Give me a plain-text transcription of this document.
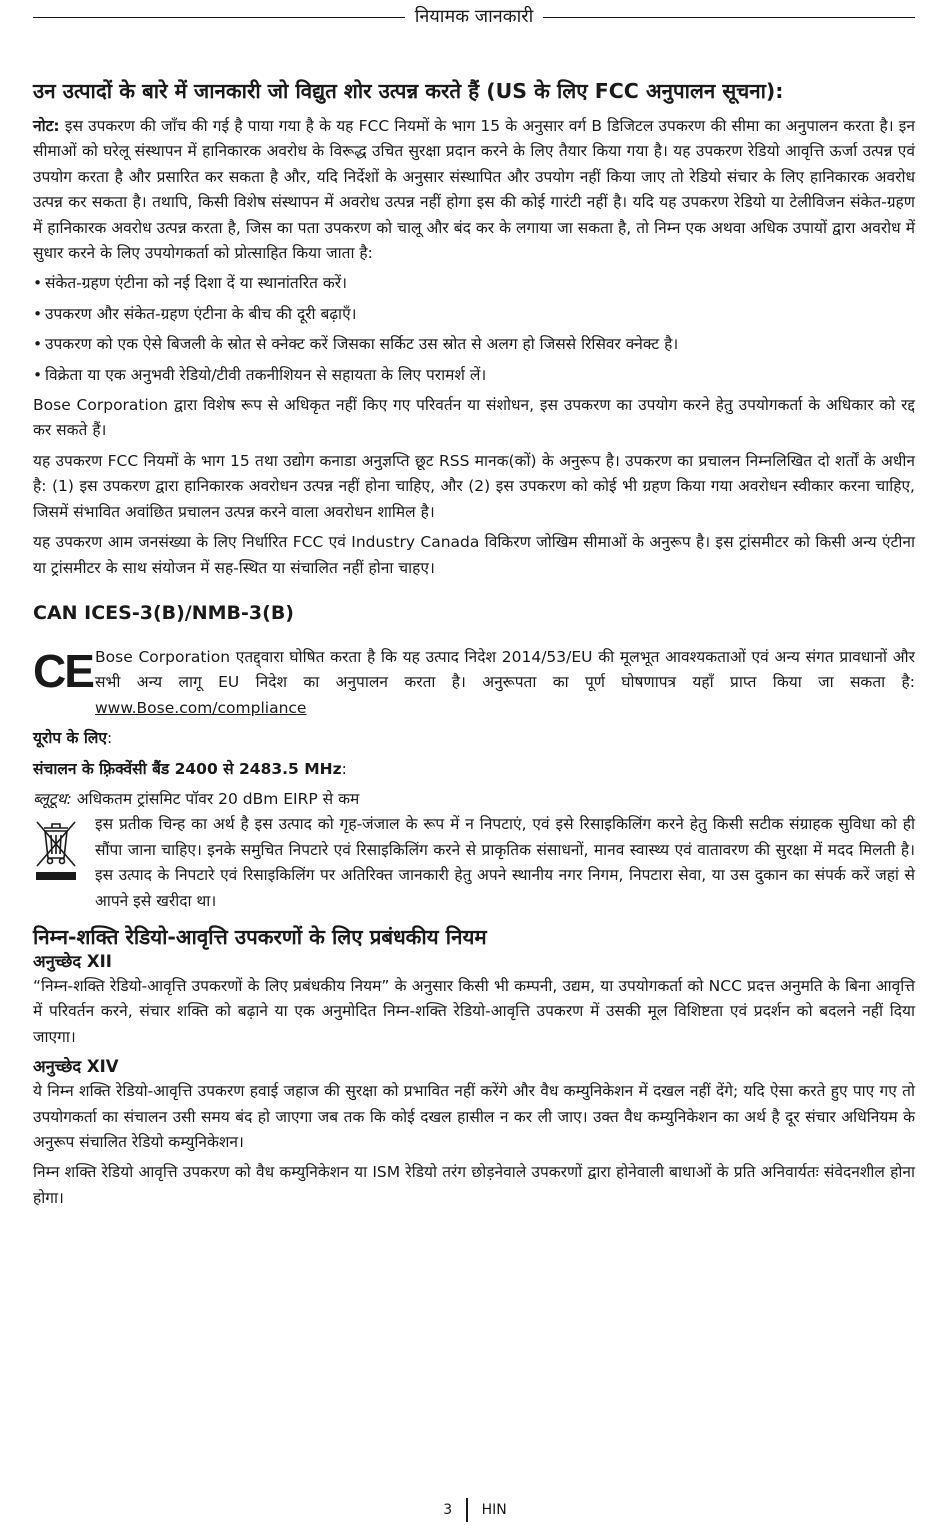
नियामक जानकारी
उन उत्पादों के बारे में जानकारी जो विद्युत शोर उत्पन्न करते हैं (US के लिए FCC अनुपालन सूचना):

नोट: इस उपकरण की जाँच की गई है पाया गया है के यह FCC नियमों के भाग 15 के अनुसार वर्ग B डिजिटल उपकरण की सीमा का अनुपालन करता है। इन सीमाओं को घरेलू संस्थापन में हानिकारक अवरोध के विरूद्ध उचित सुरक्षा प्रदान करने के लिए तैयार किया गया है। यह उपकरण रेडियो आवृत्ति ऊर्जा उत्पन्न एवं उपयोग करता है और प्रसारित कर सकता है और, यदि निर्देशों के अनुसार संस्थापित और उपयोग नहीं किया जाए तो रेडियो संचार के लिए हानिकारक अवरोध उत्पन्न कर सकता है। तथापि, किसी विशेष संस्थापन में अवरोध उत्पन्न नहीं होगा इस की कोई गारंटी नहीं है। यदि यह उपकरण रेडियो या टेलीविजन संकेत-ग्रहण में हानिकारक अवरोध उत्पन्न करता है, जिस का पता उपकरण को चालू और बंद कर के लगाया जा सकता है, तो निम्न एक अथवा अधिक उपायों द्वारा अवरोध में सुधार करने के लिए उपयोगकर्ता को प्रोत्साहित किया जाता है:

• संकेत-ग्रहण एंटीना को नई दिशा दें या स्थानांतरित करें।
• उपकरण और संकेत-ग्रहण एंटीना के बीच की दूरी बढ़ाएँ।
• उपकरण को एक ऐसे बिजली के स्रोत से क्नेक्ट करें जिसका सर्किट उस स्रोत से अलग हो जिससे रिसिवर क्नेक्ट है।
• विक्रेता या एक अनुभवी रेडियो/टीवी तकनीशियन से सहायता के लिए परामर्श लें।

Bose Corporation द्वारा विशेष रूप से अधिकृत नहीं किए गए परिवर्तन या संशोधन, इस उपकरण का उपयोग करने हेतु उपयोगकर्ता के अधिकार को रद्द कर सकते हैं।

यह उपकरण FCC नियमों के भाग 15 तथा उद्योग कनाडा अनुज्ञप्ति छूट RSS मानक(कों) के अनुरूप है। उपकरण का प्रचालन निम्नलिखित दो शर्तों के अधीन है: (1) इस उपकरण द्वारा हानिकारक अवरोधन उत्पन्न नहीं होना चाहिए, और (2) इस उपकरण को कोई भी ग्रहण किया गया अवरोधन स्वीकार करना चाहिए, जिसमें संभावित अवांछित प्रचालन उत्पन्न करने वाला अवरोधन शामिल है।

यह उपकरण आम जनसंख्या के लिए निर्धारित FCC एवं Industry Canada विकिरण जोखिम सीमाओं के अनुरूप है। इस ट्रांसमीटर को किसी अन्य एंटीना या ट्रांसमीटर के साथ संयोजन में सह-स्थित या संचालित नहीं होना चाहए।

CAN ICES-3(B)/NMB-3(B)
CE Bose Corporation एतद्द्वारा घोषित करता है कि यह उत्पाद निदेश 2014/53/EU की मूलभूत आवश्यकताओं एवं अन्य संगत प्रावधानों और सभी अन्य लागू EU निदेश का अनुपालन करता है। अनुरूपता का पूर्ण घोषणापत्र यहाँ प्राप्त किया जा सकता है: www.Bose.com/compliance

यूरोप के लिए:

संचालन के फ़्रिक्वेंसी बैंड 2400 से 2483.5 MHz:

ब्लूटूथ: अधिकतम ट्रांसमिट पॉवर 20 dBm EIRP से कम

इस प्रतीक चिन्ह का अर्थ है इस उत्पाद को गृह-जंजाल के रूप में न निपटाएं, एवं इसे रिसाइकिलिंग करने हेतु किसी सटीक संग्राहक सुविधा को ही सौंपा जाना चाहिए। इनके समुचित निपटारे एवं रिसाइकिलिंग करने से प्राकृतिक संसाधनों, मानव स्वास्थ्य एवं वातावरण की सुरक्षा में मदद मिलती है। इस उत्पाद के निपटारे एवं रिसाइकिलिंग पर अतिरिक्त जानकारी हेतु अपने स्थानीय नगर निगम, निपटारा सेवा, या उस दुकान का संपर्क करें जहां से आपने इसे खरीदा था।

निम्न-शक्ति रेडियो-आवृत्ति उपकरणों के लिए प्रबंधकीय नियम
अनुच्छेद XII

“निम्न-शक्ति रेडियो-आवृत्ति उपकरणों के लिए प्रबंधकीय नियम” के अनुसार किसी भी कम्पनी, उद्यम, या उपयोगकर्ता को NCC प्रदत्त अनुमति के बिना आवृत्ति में परिवर्तन करने, संचार शक्ति को बढ़ाने या एक अनुमोदित निम्न-शक्ति रेडियो-आवृत्ति उपकरण में उसकी मूल विशिष्टता एवं प्रदर्शन को बदलने नहीं दिया जाएगा।

अनुच्छेद XIV

ये निम्न शक्ति रेडियो-आवृत्ति उपकरण हवाई जहाज की सुरक्षा को प्रभावित नहीं करेंगे और वैध कम्युनिकेशन में दखल नहीं देंगे; यदि ऐसा करते हुए पाए गए तो उपयोगकर्ता का संचालन उसी समय बंद हो जाएगा जब तक कि कोई दखल हासील न कर ली जाए। उक्त वैध कम्युनिकेशन का अर्थ है दूर संचार अधिनियम के अनुरूप संचालित रेडियो कम्युनिकेशन।

निम्न शक्ति रेडियो आवृत्ति उपकरण को वैध कम्युनिकेशन या ISM रेडियो तरंग छोड़नेवाले उपकरणों द्वारा होनेवाली बाधाओं के प्रति अनिवार्यतः संवेदनशील होना होगा।

3 HIN
